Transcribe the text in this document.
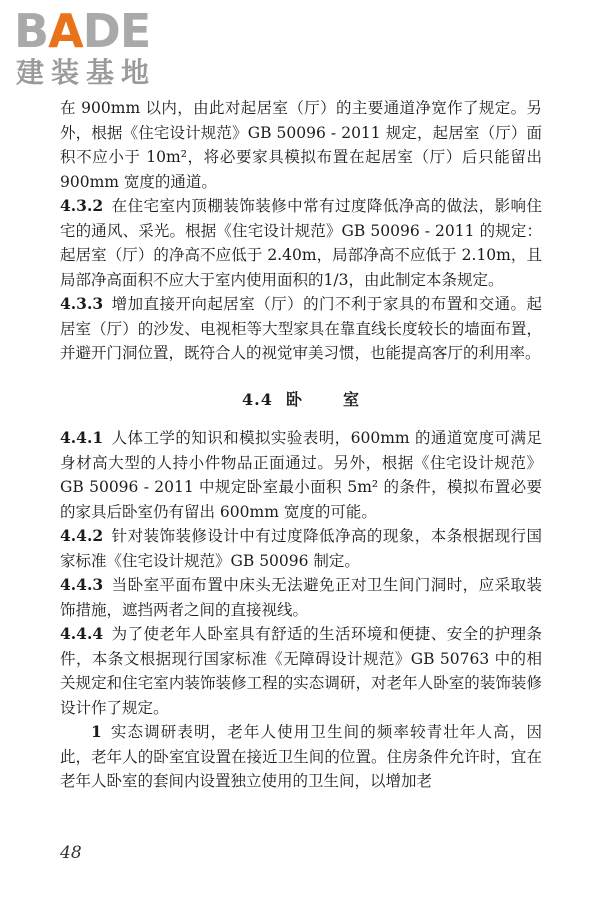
BADE
建装基地

在 900mm 以内，由此对起居室（厅）的主要通道净宽作了规定。另外，根据《住宅设计规范》GB 50096 - 2011 规定，起居室（厅）面积不应小于 10m²，将必要家具模拟布置在起居室（厅）后只能留出 900mm 宽度的通道。

4.3.2 在住宅室内顶棚装饰装修中常有过度降低净高的做法，影响住宅的通风、采光。根据《住宅设计规范》GB 50096 - 2011 的规定：起居室（厅）的净高不应低于 2.40m，局部净高不应低于 2.10m，且局部净高面积不应大于室内使用面积的1/3，由此制定本条规定。

4.3.3 增加直接开向起居室（厅）的门不利于家具的布置和交通。起居室（厅）的沙发、电视柜等大型家具在靠直线长度较长的墙面布置，并避开门洞位置，既符合人的视觉审美习惯，也能提高客厅的利用率。

4.4 卧	室

4.4.1 人体工学的知识和模拟实验表明，600mm 的通道宽度可满足身材高大型的人持小件物品正面通过。另外，根据《住宅设计规范》GB 50096 - 2011 中规定卧室最小面积 5m² 的条件，模拟布置必要的家具后卧室仍有留出 600mm 宽度的可能。

4.4.2 针对装饰装修设计中有过度降低净高的现象，本条根据现行国家标准《住宅设计规范》GB 50096 制定。

4.4.3 当卧室平面布置中床头无法避免正对卫生间门洞时，应采取装饰措施，遮挡两者之间的直接视线。

4.4.4 为了使老年人卧室具有舒适的生活环境和便捷、安全的护理条件，本条文根据现行国家标准《无障碍设计规范》GB 50763 中的相关规定和住宅室内装饰装修工程的实态调研，对老年人卧室的装饰装修设计作了规定。

1 实态调研表明，老年人使用卫生间的频率较青壮年人高，因此，老年人的卧室宜设置在接近卫生间的位置。住房条件允许时，宜在老年人卧室的套间内设置独立使用的卫生间，以增加老

48
